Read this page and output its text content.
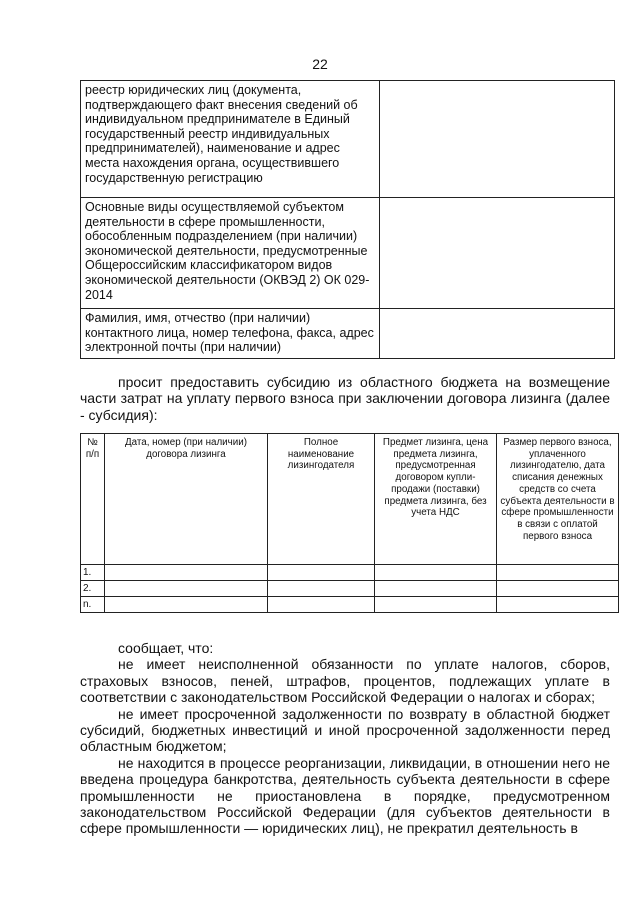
22
реестр юридических лиц (документа, подтверждающего факт внесения сведений об индивидуальном предпринимателе в Единый государственный реестр индивидуальных предпринимателей), наименование и адрес места нахождения органа, осуществившего государственную регистрацию	
Основные виды осуществляемой субъектом деятельности в сфере промышленности, обособленным подразделением (при наличии) экономической деятельности, предусмотренные Общероссийским классификатором видов экономической деятельности (ОКВЭД 2) ОК 029-2014	
Фамилия, имя, отчество (при наличии) контактного лица, номер телефона, факса, адрес электронной почты (при наличии)	

просит предоставить субсидию из областного бюджета на возмещение части затрат на уплату первого взноса при заключении договора лизинга (далее - субсидия):

№ п/п	Дата, номер (при наличии) договора лизинга	Полное наименование лизингодателя	Предмет лизинга, цена предмета лизинга, предусмотренная договором купли-продажи (поставки) предмета лизинга, без учета НДС	Размер первого взноса, уплаченного лизингодателю, дата списания денежных средств со счета субъекта деятельности в сфере промышленности в связи с оплатой первого взноса
1.				
2.				
n.				

сообщает, что:

не имеет неисполненной обязанности по уплате налогов, сборов, страховых взносов, пеней, штрафов, процентов, подлежащих уплате в соответствии с законодательством Российской Федерации о налогах и сборах;

не имеет просроченной задолженности по возврату в областной бюджет субсидий, бюджетных инвестиций и иной просроченной задолженности перед областным бюджетом;

не находится в процессе реорганизации, ликвидации, в отношении него не введена процедура банкротства, деятельность субъекта деятельности в сфере промышленности не приостановлена в порядке, предусмотренном законодательством Российской Федерации (для субъектов деятельности в сфере промышленности — юридических лиц), не прекратил деятельность в
